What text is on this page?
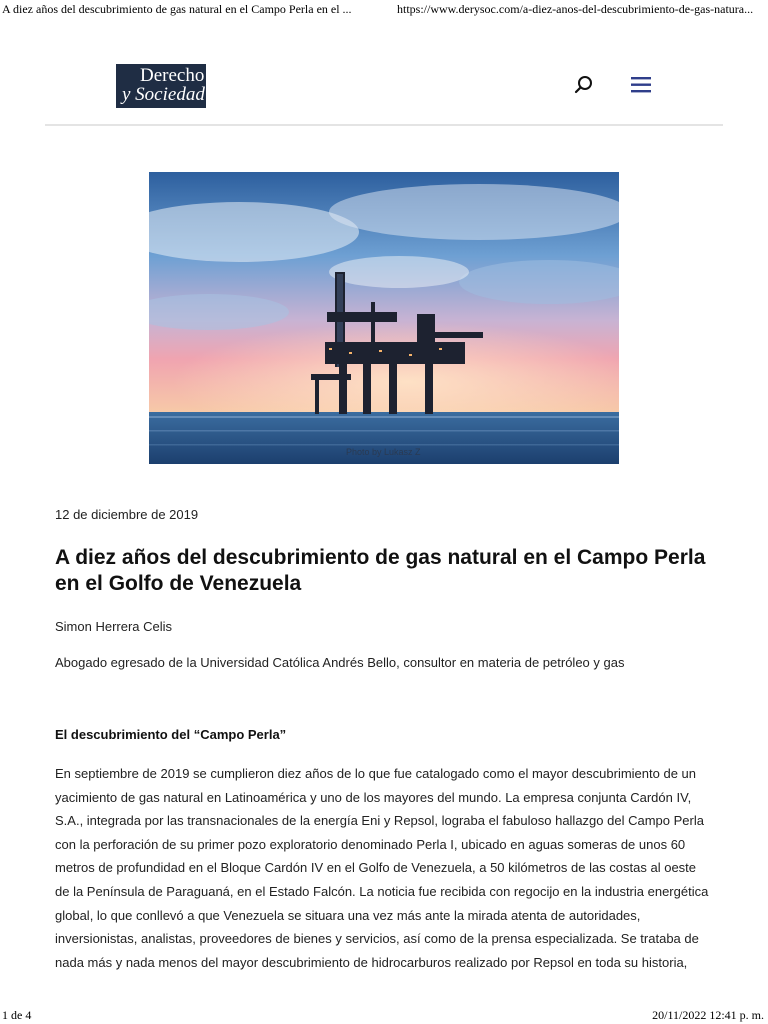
A diez años del descubrimiento de gas natural en el Campo Perla en el ...	https://www.derysoc.com/a-diez-anos-del-descubrimiento-de-gas-natura...
Derecho
y Sociedad
Photo by Lukasz Z
12 de diciembre de 2019
A diez años del descubrimiento de gas natural en el Campo Perla en el Golfo de Venezuela
Simon Herrera Celis
Abogado egresado de la Universidad Católica Andrés Bello, consultor en materia de petróleo y gas
El descubrimiento del “Campo Perla”

En septiembre de 2019 se cumplieron diez años de lo que fue catalogado como el mayor descubrimiento de un
yacimiento de gas natural en Latinoamérica y uno de los mayores del mundo. La empresa conjunta Cardón IV,
S.A., integrada por las transnacionales de la energía Eni y Repsol, lograba el fabuloso hallazgo del Campo Perla
con la perforación de su primer pozo exploratorio denominado Perla I, ubicado en aguas someras de unos 60
metros de profundidad en el Bloque Cardón IV en el Golfo de Venezuela, a 50 kilómetros de las costas al oeste
de la Península de Paraguaná, en el Estado Falcón. La noticia fue recibida con regocijo en la industria energética
global, lo que conllevó a que Venezuela se situara una vez más ante la mirada atenta de autoridades,
inversionistas, analistas, proveedores de bienes y servicios, así como de la prensa especializada. Se trataba de
nada más y nada menos del mayor descubrimiento de hidrocarburos realizado por Repsol en toda su historia,

1 de 4	20/11/2022 12:41 p. m.
